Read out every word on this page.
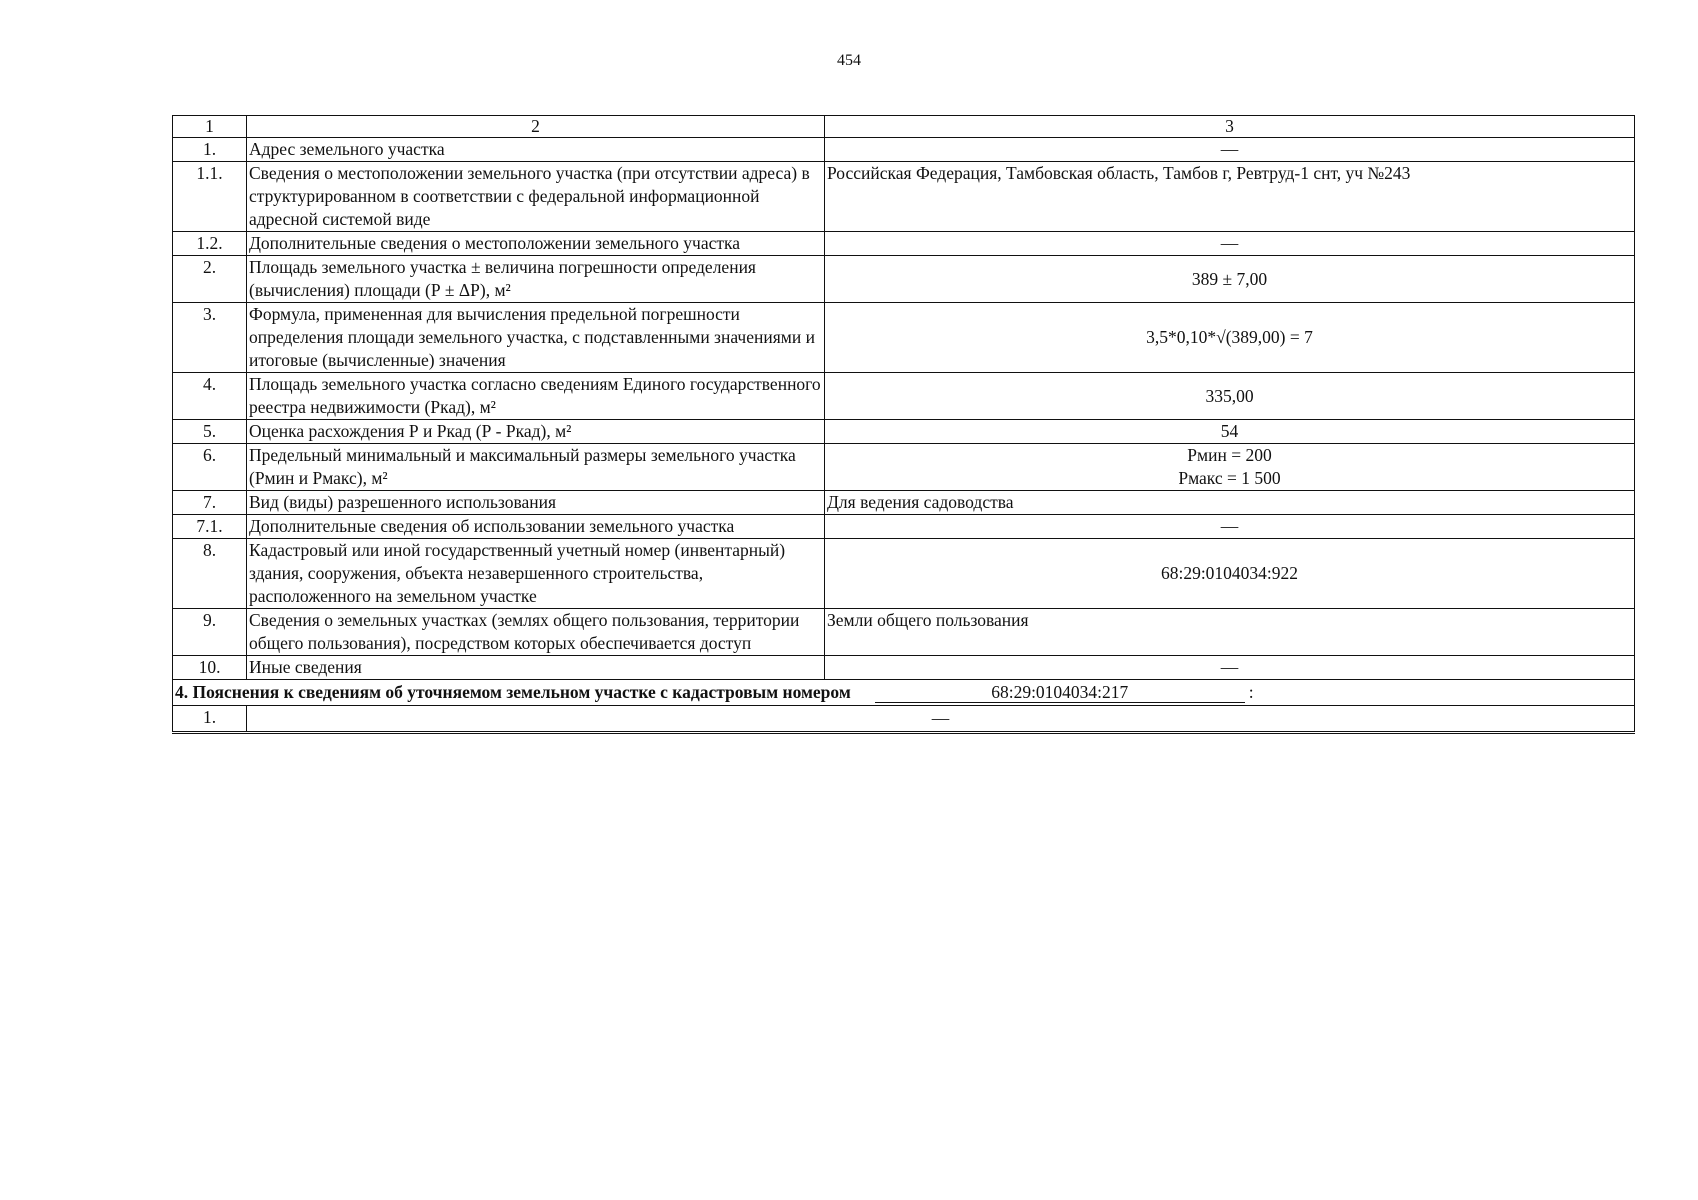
454
1	2	3
1.	Адрес земельного участка	—
1.1.	Сведения о местоположении земельного участка (при отсутствии адреса) в структурированном в соответствии с федеральной информационной адресной системой виде	Российская Федерация, Тамбовская область, Тамбов г, Ревтруд-1 снт, уч №243
1.2.	Дополнительные сведения о местоположении земельного участка	—
2.	Площадь земельного участка ± величина погрешности определения (вычисления) площади (Р ± ΔР), м²	389 ± 7,00
3.	Формула, примененная для вычисления предельной погрешности определения площади земельного участка, с подставленными значениями и итоговые (вычисленные) значения	3,5*0,10*√(389,00) = 7
4.	Площадь земельного участка согласно сведениям Единого государственного реестра недвижимости (Ркад), м²	335,00
5.	Оценка расхождения Р и Ркад (Р - Ркад), м²	54
6.	Предельный минимальный и максимальный размеры земельного участка (Рмин и Рмакс), м²	Рмин = 200
Рмакс = 1 500

7.	Вид (виды) разрешенного использования	Для ведения садоводства
7.1.	Дополнительные сведения об использовании земельного участка	—
8.	Кадастровый или иной государственный учетный номер (инвентарный) здания, сооружения, объекта незавершенного строительства, расположенного на земельном участке	68:29:0104034:922
9.	Сведения о земельных участках (землях общего пользования, территории общего пользования), посредством которых обеспечивается доступ	Земли общего пользования
10.	Иные сведения	—
4. Пояснения к сведениям об уточняемом земельном участке с кадастровым номером 68:29:0104034:217 :		
1.	—	
